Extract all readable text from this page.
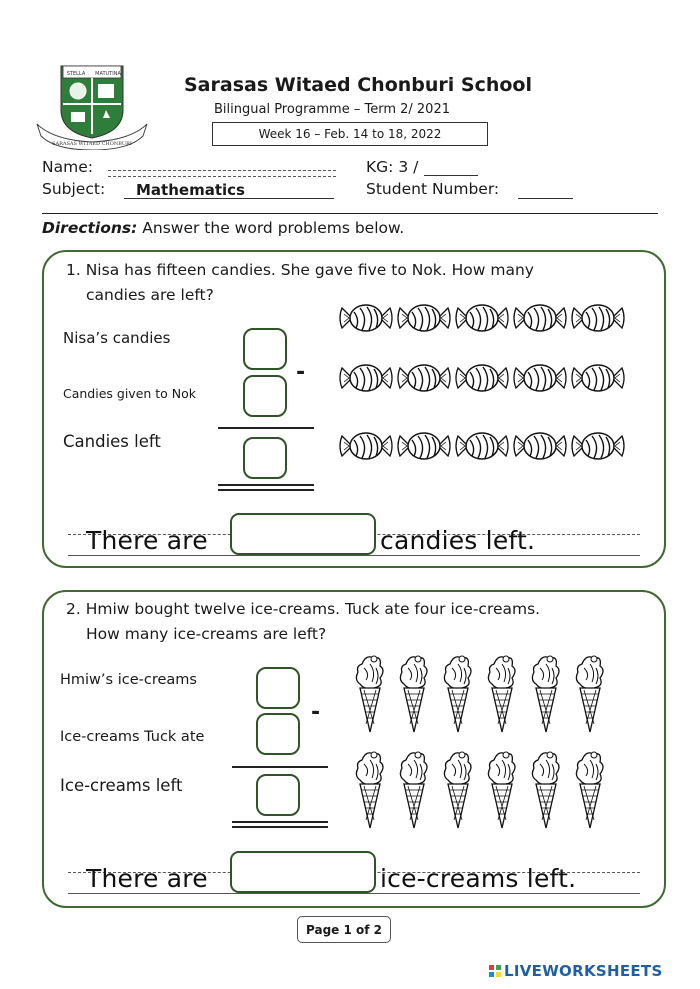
SARASAS WITAED CHONBURI
STELLA MATUTINA	Sarasas Witaed Chonburi School
Bilingual Programme – Term 2/ 2021
Week 16 – Feb. 14 to 18, 2022
Name:	KG: 3 /
Subject: Mathematics	Student Number:
Directions: Answer the word problems below.
1. Nisa has fifteen candies. She gave five to Nok. How many
candies are left?
Nisa’s candies
Candies given to Nok
Candies left
-
There are	candies left.
2. Hmiw bought twelve ice-creams. Tuck ate four ice-creams.
How many ice-creams are left?
Hmiw’s ice-creams
Ice-creams Tuck ate
Ice-creams left
-
There are	ice-creams left.
Page 1 of 2
LIVEWORKSHEETS
